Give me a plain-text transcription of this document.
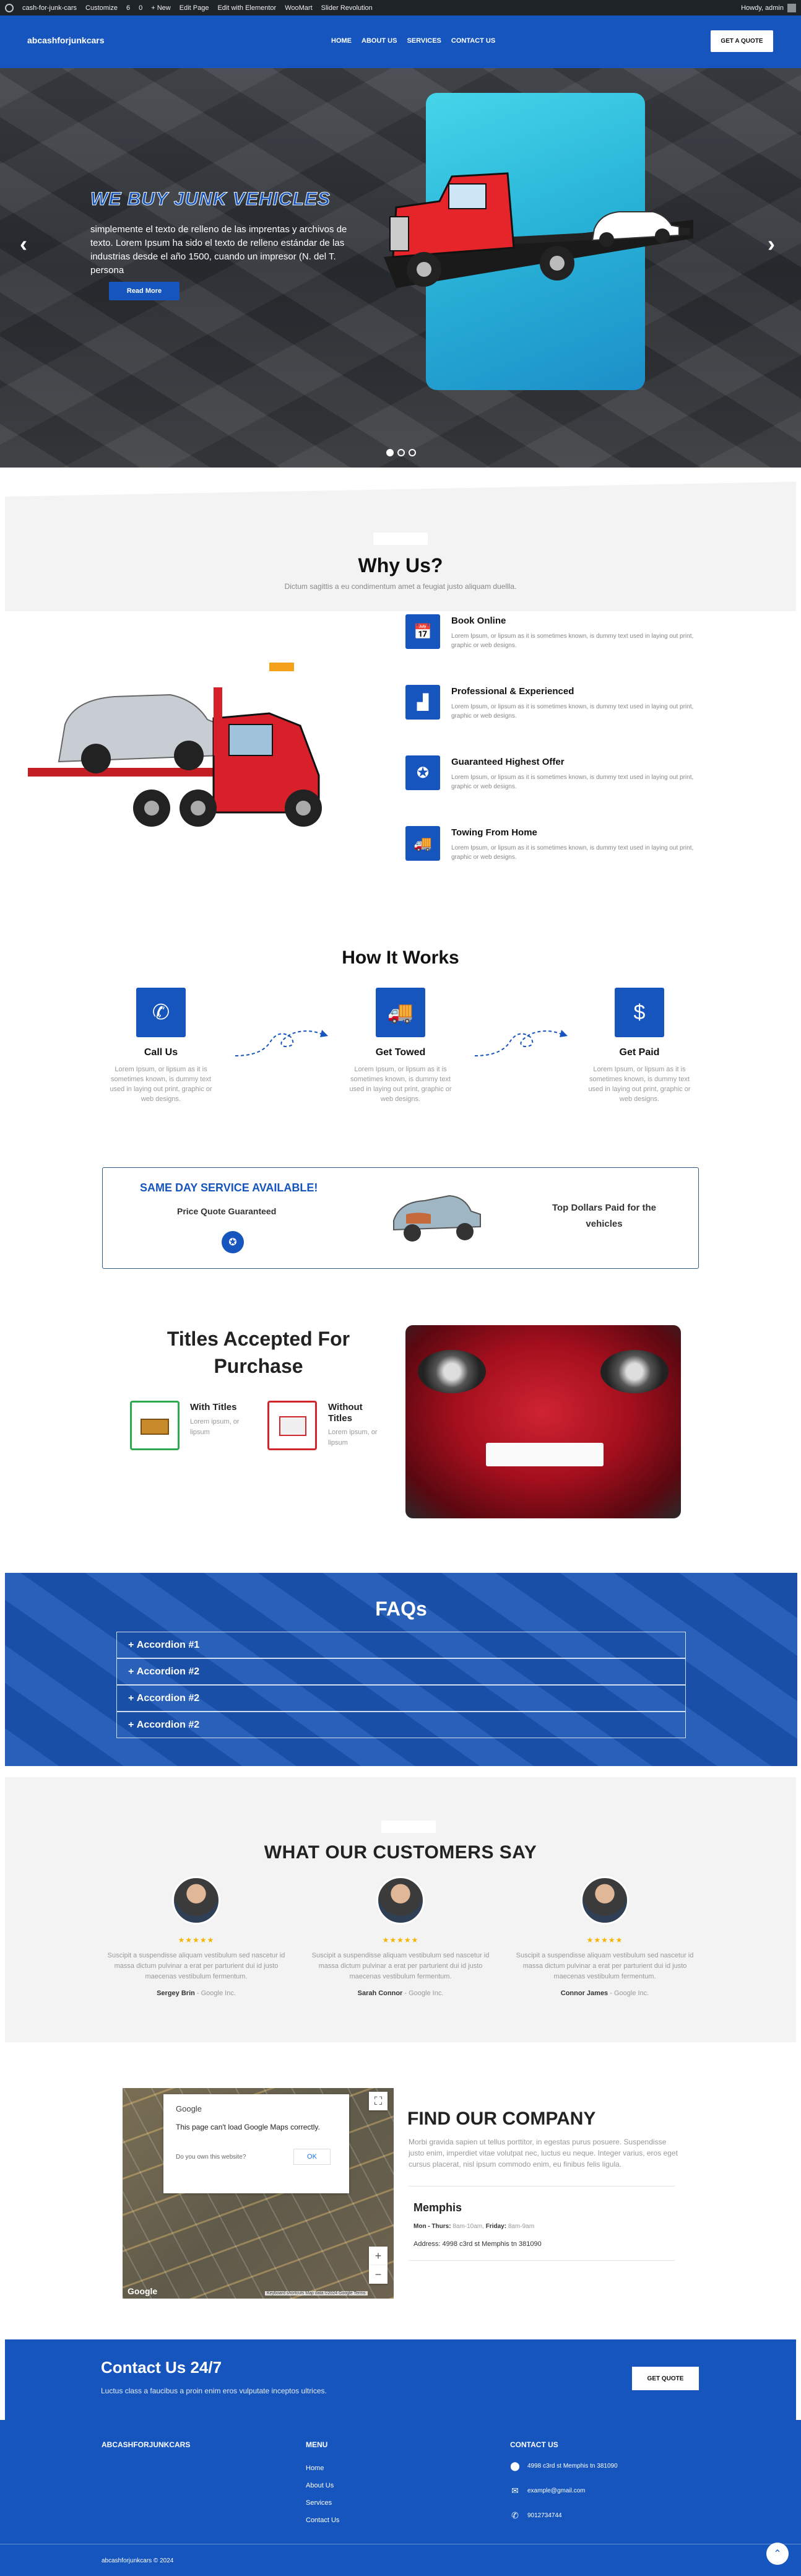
cash-for-junk-cars Customize 6 0 + New Edit Page Edit with Elementor WooMart Slider Revolution	Howdy, admin
abcashforjunkcars	HOME ABOUT US SERVICES CONTACT US	GET A QUOTE
WE BUY JUNK VEHICLES
simplemente el texto de relleno de las imprentas y archivos de texto. Lorem Ipsum ha sido el texto de relleno estándar de las industrias desde el año 1500, cuando un impresor (N. del T. persona
Read More
‹	›
Why Us?
Dictum sagittis a eu condimentum amet a feugiat justo aliquam duellla.
📅
Book Online
Lorem Ipsum, or lipsum as it is sometimes known, is dummy text used in laying out print, graphic or web designs.
▟
Professional & Experienced
Lorem Ipsum, or lipsum as it is sometimes known, is dummy text used in laying out print, graphic or web designs.
✪
Guaranteed Highest Offer
Lorem Ipsum, or lipsum as it is sometimes known, is dummy text used in laying out print, graphic or web designs.
🚚
Towing From Home
Lorem Ipsum, or lipsum as it is sometimes known, is dummy text used in laying out print, graphic or web designs.
How It Works
✆
Call Us
Lorem Ipsum, or lipsum as it is sometimes known, is dummy text used in laying out print, graphic or web designs.
🚚
Get Towed
Lorem Ipsum, or lipsum as it is sometimes known, is dummy text used in laying out print, graphic or web designs.
$
Get Paid
Lorem Ipsum, or lipsum as it is sometimes known, is dummy text used in laying out print, graphic or web designs.
SAME DAY SERVICE AVAILABLE!
Price Quote Guaranteed
✪
Top Dollars Paid for the vehicles
Titles Accepted For Purchase
With Titles
Lorem ipsum, or lipsum
Without Titles
Lorem ipsum, or lipsum
FAQs
+ Accordion #1
+ Accordion #2
+ Accordion #2
+ Accordion #2
WHAT OUR CUSTOMERS SAY
★★★★★
Suscipit a suspendisse aliquam vestibulum sed nascetur id massa dictum pulvinar a erat per parturient dui id justo maecenas vestibulum fermentum.
Sergey Brin - Google Inc.
★★★★★
Suscipit a suspendisse aliquam vestibulum sed nascetur id massa dictum pulvinar a erat per parturient dui id justo maecenas vestibulum fermentum.
Sarah Connor - Google Inc.
★★★★★
Suscipit a suspendisse aliquam vestibulum sed nascetur id massa dictum pulvinar a erat per parturient dui id justo maecenas vestibulum fermentum.
Connor James - Google Inc.
Google
This page can't load Google Maps correctly.
Do you own this website?	OK
⛶
+
−
Google	Keyboard shortcuts Map data ©2024 Google Terms
FIND OUR COMPANY
Morbi gravida sapien ut tellus porttitor, in egestas purus posuere. Suspendisse justo enim, imperdiet vitae volutpat nec, luctus eu neque. Integer varius, eros eget cursus placerat, nisl ipsum commodo enim, eu finibus felis ligula.
Memphis
Mon - Thurs: 8am-10am, Friday: 8am-9am
Address: 4998 c3rd st Memphis tn 381090
Contact Us 24/7
Luctus class a faucibus a proin enim eros vulputate inceptos ultrices.
GET QUOTE
ABCASHFORJUNKCARS	MENU
Home
About Us
Services
Contact Us
CONTACT US
⬤ 4998 c3rd st Memphis tn 381090
✉ example@gmail.com
✆ 9012734744
abcashforjunkcars © 2024
⌃
